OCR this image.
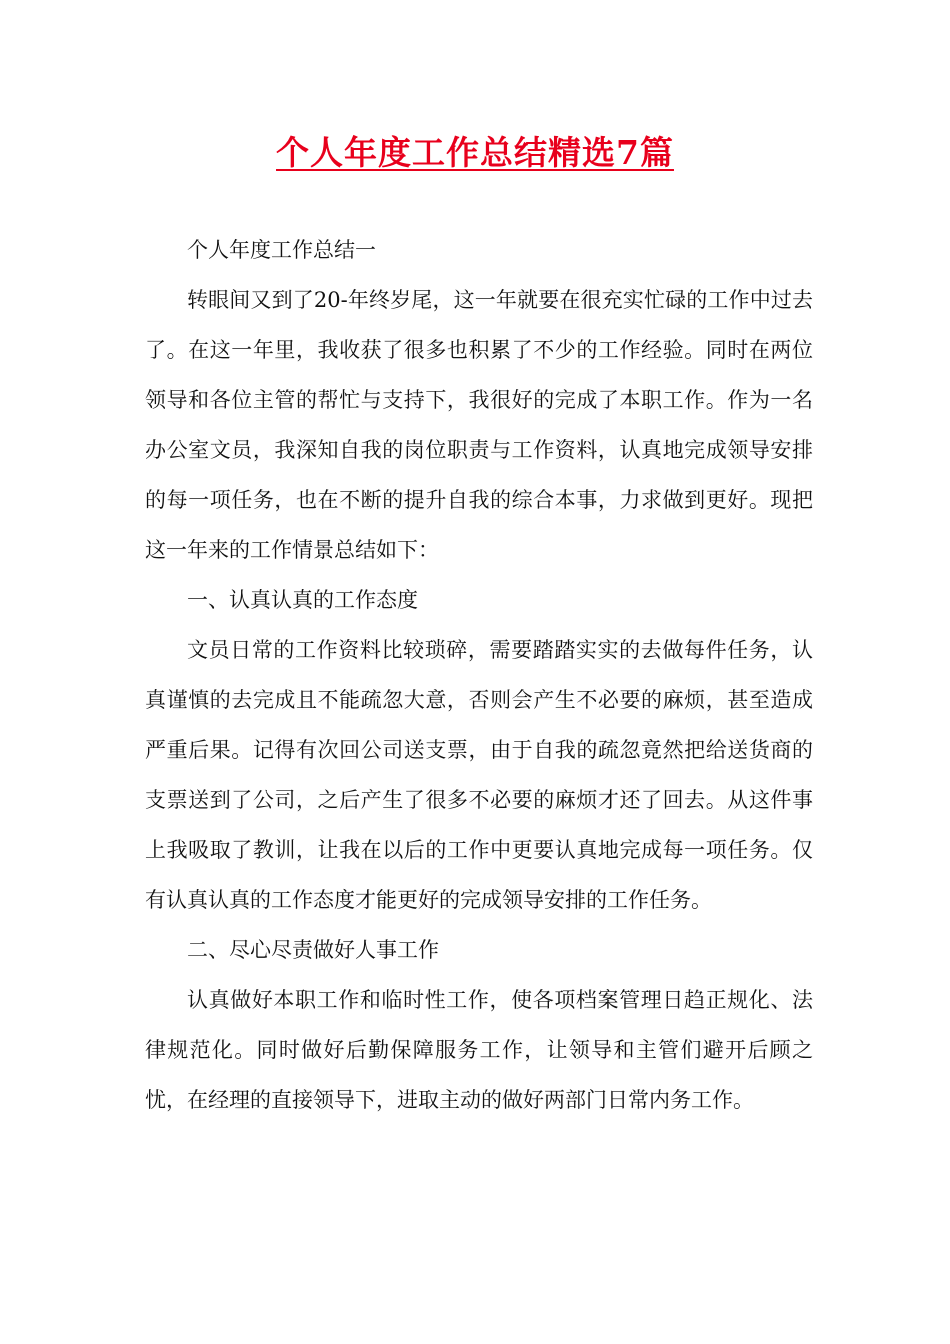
个人年度工作总结精选7篇

个人年度工作总结一

转眼间又到了20-年终岁尾，这一年就要在很充实忙碌的工作中过去了。在这一年里，我收获了很多也积累了不少的工作经验。同时在两位领导和各位主管的帮忙与支持下，我很好的完成了本职工作。作为一名办公室文员，我深知自我的岗位职责与工作资料，认真地完成领导安排的每一项任务，也在不断的提升自我的综合本事，力求做到更好。现把这一年来的工作情景总结如下：

一、认真认真的工作态度

文员日常的工作资料比较琐碎，需要踏踏实实的去做每件任务，认真谨慎的去完成且不能疏忽大意，否则会产生不必要的麻烦，甚至造成严重后果。记得有次回公司送支票，由于自我的疏忽竟然把给送货商的支票送到了公司，之后产生了很多不必要的麻烦才还了回去。从这件事上我吸取了教训，让我在以后的工作中更要认真地完成每一项任务。仅有认真认真的工作态度才能更好的完成领导安排的工作任务。

二、尽心尽责做好人事工作

认真做好本职工作和临时性工作，使各项档案管理日趋正规化、法律规范化。同时做好后勤保障服务工作，让领导和主管们避开后顾之忧，在经理的直接领导下，进取主动的做好两部门日常内务工作。
